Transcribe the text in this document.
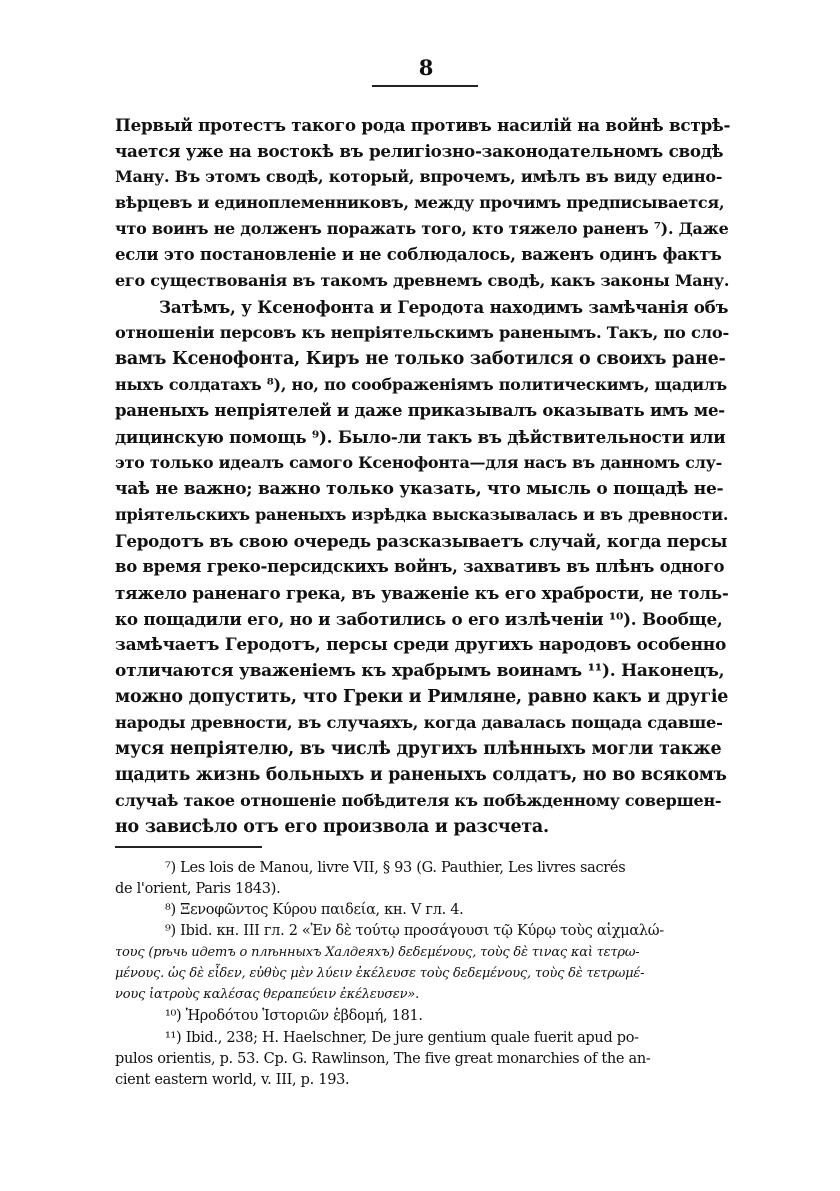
8
Первый протестъ такого рода противъ насилій на войнѣ встрѣ-
чается уже на востокѣ въ религіозно-законодательномъ сводѣ
Ману. Въ этомъ сводѣ, который, впрочемъ, имѣлъ въ виду едино-
вѣрцевъ и единоплеменниковъ, между прочимъ предписывается,
что воинъ не долженъ поражать того, кто тяжело раненъ ⁷). Даже
если это постановленіе и не соблюдалось, важенъ одинъ фактъ
его существованія въ такомъ древнемъ сводѣ, какъ законы Ману.
Затѣмъ, у Ксенофонта и Геродота находимъ замѣчанія объ
отношеніи персовъ къ непріятельскимъ раненымъ. Такъ, по сло-
вамъ Ксенофонта, Киръ не только заботился о своихъ ране-
ныхъ солдатахъ ⁸), но, по соображеніямъ политическимъ, щадилъ
раненыхъ непріятелей и даже приказывалъ оказывать имъ ме-
дицинскую помощь ⁹). Было-ли такъ въ дѣйствительности или
это только идеалъ самого Ксенофонта—для насъ въ данномъ слу-
чаѣ не важно; важно только указать, что мысль о пощадѣ не-
пріятельскихъ раненыхъ изрѣдка высказывалась и въ древности.
Геродотъ въ свою очередь разсказываетъ случай, когда персы
во время греко-персидскихъ войнъ, захвативъ въ плѣнъ одного
тяжело раненаго грека, въ уваженіе къ его храбрости, не толь-
ко пощадили его, но и заботились о его излѣченіи ¹⁰). Вообще,
замѣчаетъ Геродотъ, персы среди другихъ народовъ особенно
отличаются уваженіемъ къ храбрымъ воинамъ ¹¹). Наконецъ,
можно допустить, что Греки и Римляне, равно какъ и другіе
народы древности, въ случаяхъ, когда давалась пощада сдавше-
муся непріятелю, въ числѣ другихъ плѣнныхъ могли также
щадить жизнь больныхъ и раненыхъ солдатъ, но во всякомъ
случаѣ такое отношеніе побѣдителя къ побѣжденному совершен-
но зависѣло отъ его произвола и разсчета.
⁷) Les lois de Manou, livre VII, § 93 (G. Pauthier, Les livres sacrés
de l'orient, Paris 1843).
⁸) Ξενοφῶντος Κύρου παιδεία, кн. V гл. 4.
⁹) Ibid. кн. III гл. 2 «Ἐν δὲ τούτῳ προσάγουσι τῷ Κύρῳ τοὺς αἰχμαλώ-
τους (рѣчь идетъ о плѣнныхъ Халдеяхъ) δεδεμένους, τοὺς δὲ τινας καὶ τετρω-
μένους. ὡς δὲ εἶδεν, εὐθὺς μὲν λύειν ἐκέλευσε τοὺς δεδεμένους, τοὺς δὲ τετρωμέ-
νους ἰατροὺς καλέσας θεραπεύειν ἐκέλευσεν».
¹⁰) Ἡροδότου Ἱστοριῶν ἑβδομή, 181.
¹¹) Ibid., 238; H. Haelschner, De jure gentium quale fuerit apud po-
pulos orientis, p. 53. Ср. G. Rawlinson, The five great monarchies of the an-
cient eastern world, v. III, p. 193.
